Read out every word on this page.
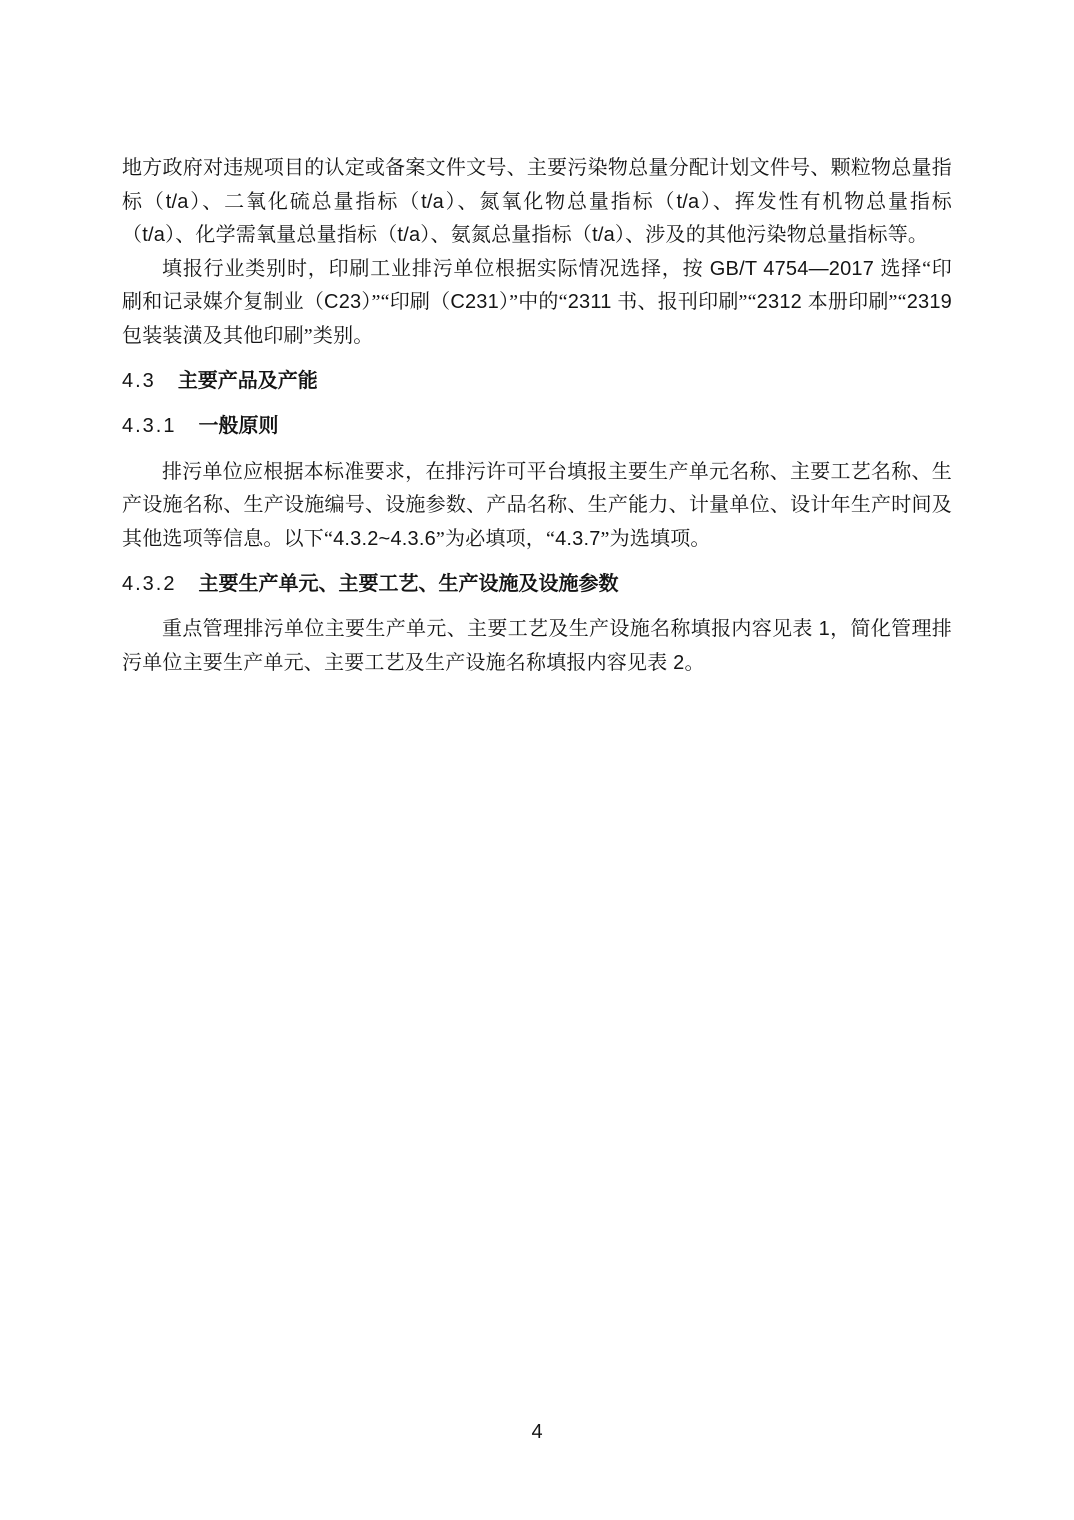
地方政府对违规项目的认定或备案文件文号、主要污染物总量分配计划文件号、颗粒物总量指标（t/a）、二氧化硫总量指标（t/a）、氮氧化物总量指标（t/a）、挥发性有机物总量指标（t/a）、化学需氧量总量指标（t/a）、氨氮总量指标（t/a）、涉及的其他污染物总量指标等。

填报行业类别时，印刷工业排污单位根据实际情况选择，按 GB/T 4754—2017 选择“印刷和记录媒介复制业（C23）”“印刷（C231）”中的“2311 书、报刊印刷”“2312 本册印刷”“2319 包装装潢及其他印刷”类别。

4.3 主要产品及产能
4.3.1 一般原则

排污单位应根据本标准要求，在排污许可平台填报主要生产单元名称、主要工艺名称、生产设施名称、生产设施编号、设施参数、产品名称、生产能力、计量单位、设计年生产时间及其他选项等信息。以下“4.3.2~4.3.6”为必填项，“4.3.7”为选填项。

4.3.2 主要生产单元、主要工艺、生产设施及设施参数

重点管理排污单位主要生产单元、主要工艺及生产设施名称填报内容见表 1，简化管理排污单位主要生产单元、主要工艺及生产设施名称填报内容见表 2。

4
